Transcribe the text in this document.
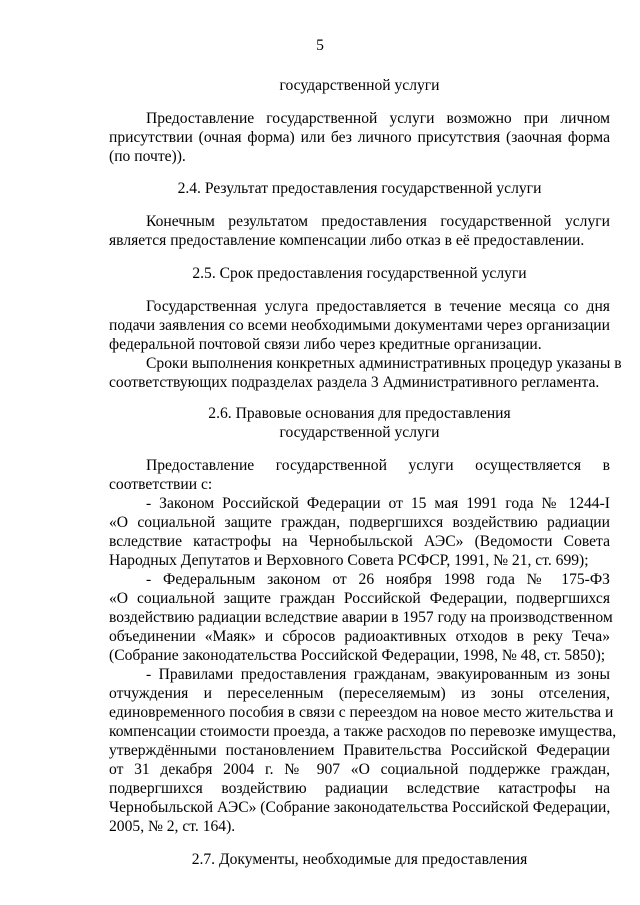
5
государственной услуги
Предоставление государственной услуги возможно при личном
присутствии (очная форма) или без личного присутствия (заочная форма
(по почте)).
2.4. Результат предоставления государственной услуги
Конечным результатом предоставления государственной услуги
является предоставление компенсации либо отказ в её предоставлении.
2.5. Срок предоставления государственной услуги
Государственная услуга предоставляется в течение месяца со дня
подачи заявления со всеми необходимыми документами через организации
федеральной почтовой связи либо через кредитные организации.
Сроки выполнения конкретных административных процедур указаны в
соответствующих подразделах раздела 3 Административного регламента.
2.6. Правовые основания для предоставления
государственной услуги
Предоставление государственной услуги осуществляется в
соответствии с:
- Законом Российской Федерации от 15 мая 1991 года № 1244-I
«О социальной защите граждан, подвергшихся воздействию радиации
вследствие катастрофы на Чернобыльской АЭС» (Ведомости Совета
Народных Депутатов и Верховного Совета РСФСР, 1991, № 21, ст. 699);
- Федеральным законом от 26 ноября 1998 года № 175-ФЗ
«О социальной защите граждан Российской Федерации, подвергшихся
воздействию радиации вследствие аварии в 1957 году на производственном
объединении «Маяк» и сбросов радиоактивных отходов в реку Теча»
(Собрание законодательства Российской Федерации, 1998, № 48, ст. 5850);
- Правилами предоставления гражданам, эвакуированным из зоны
отчуждения и переселенным (переселяемым) из зоны отселения,
единовременного пособия в связи с переездом на новое место жительства и
компенсации стоимости проезда, а также расходов по перевозке имущества,
утверждёнными постановлением Правительства Российской Федерации
от 31 декабря 2004 г. № 907 «О социальной поддержке граждан,
подвергшихся воздействию радиации вследствие катастрофы на
Чернобыльской АЭС» (Собрание законодательства Российской Федерации,
2005, № 2, ст. 164).
2.7. Документы, необходимые для предоставления
